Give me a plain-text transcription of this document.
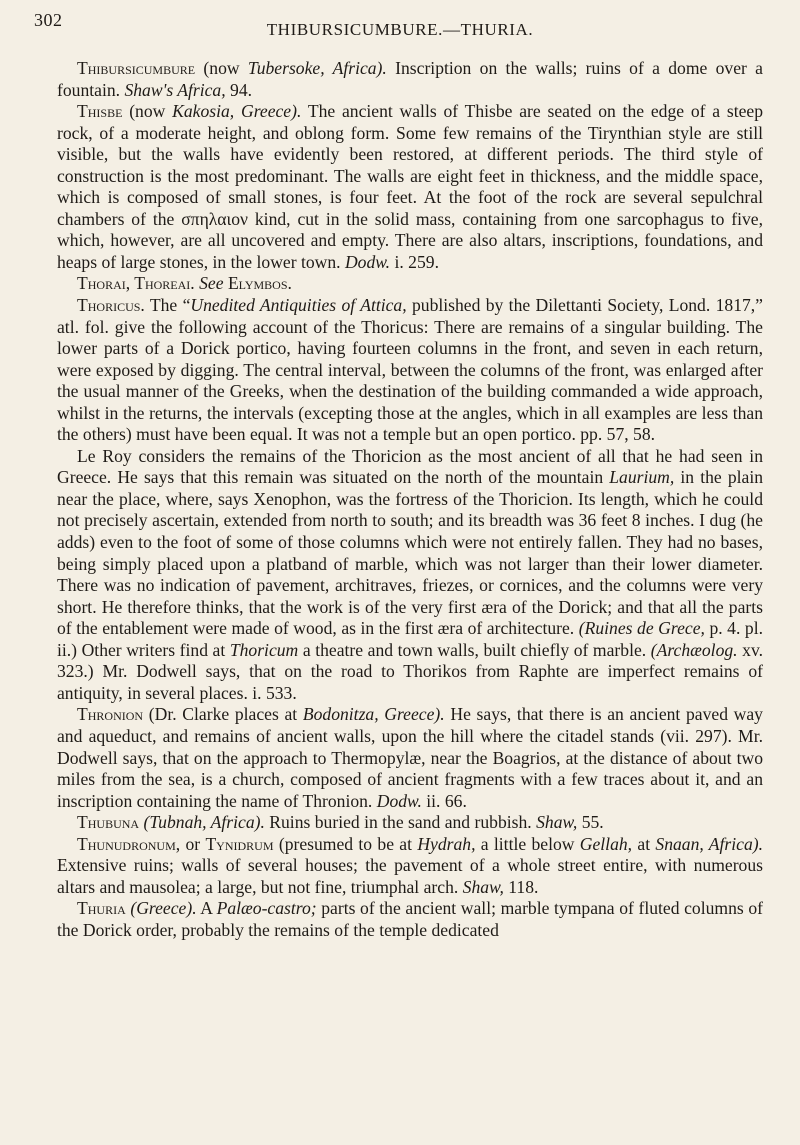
302	THIBURSICUMBURE.—THURIA.

Thibursicumbure (now Tubersoke, Africa). Inscription on the walls; ruins of a dome over a fountain. Shaw's Africa, 94.

Thisbe (now Kakosia, Greece). The ancient walls of Thisbe are seated on the edge of a steep rock, of a moderate height, and oblong form. Some few remains of the Tirynthian style are still visible, but the walls have evidently been restored, at different periods. The third style of construction is the most predominant. The walls are eight feet in thickness, and the middle space, which is composed of small stones, is four feet. At the foot of the rock are several sepulchral chambers of the σπηλαιον kind, cut in the solid mass, containing from one sarcophagus to five, which, however, are all uncovered and empty. There are also altars, inscriptions, foundations, and heaps of large stones, in the lower town. Dodw. i. 259.

Thorai, Thoreai. See Elymbos.

Thoricus. The “Unedited Antiquities of Attica, published by the Dilettanti Society, Lond. 1817,” atl. fol. give the following account of the Thoricus: There are remains of a singular building. The lower parts of a Dorick portico, having fourteen columns in the front, and seven in each return, were exposed by digging. The central interval, between the columns of the front, was enlarged after the usual manner of the Greeks, when the destination of the building commanded a wide approach, whilst in the returns, the intervals (excepting those at the angles, which in all examples are less than the others) must have been equal. It was not a temple but an open portico. pp. 57, 58.

Le Roy considers the remains of the Thoricion as the most ancient of all that he had seen in Greece. He says that this remain was situated on the north of the mountain Laurium, in the plain near the place, where, says Xenophon, was the fortress of the Thoricion. Its length, which he could not precisely ascertain, extended from north to south; and its breadth was 36 feet 8 inches. I dug (he adds) even to the foot of some of those columns which were not entirely fallen. They had no bases, being simply placed upon a platband of marble, which was not larger than their lower diameter. There was no indication of pavement, architraves, friezes, or cornices, and the columns were very short. He therefore thinks, that the work is of the very first æra of the Dorick; and that all the parts of the entablement were made of wood, as in the first æra of architecture. (Ruines de Grece, p. 4. pl. ii.) Other writers find at Thoricum a theatre and town walls, built chiefly of marble. (Archæolog. xv. 323.) Mr. Dodwell says, that on the road to Thorikos from Raphte are imperfect remains of antiquity, in several places. i. 533.

Thronion (Dr. Clarke places at Bodonitza, Greece). He says, that there is an ancient paved way and aqueduct, and remains of ancient walls, upon the hill where the citadel stands (vii. 297). Mr. Dodwell says, that on the approach to Thermopylæ, near the Boagrios, at the distance of about two miles from the sea, is a church, composed of ancient fragments with a few traces about it, and an inscription containing the name of Thronion. Dodw. ii. 66.

Thubuna (Tubnah, Africa). Ruins buried in the sand and rubbish. Shaw, 55.

Thunudronum, or Tynidrum (presumed to be at Hydrah, a little below Gellah, at Snaan, Africa). Extensive ruins; walls of several houses; the pavement of a whole street entire, with numerous altars and mausolea; a large, but not fine, triumphal arch. Shaw, 118.

Thuria (Greece). A Palæo-castro; parts of the ancient wall; marble tympana of fluted columns of the Dorick order, probably the remains of the temple dedicated
